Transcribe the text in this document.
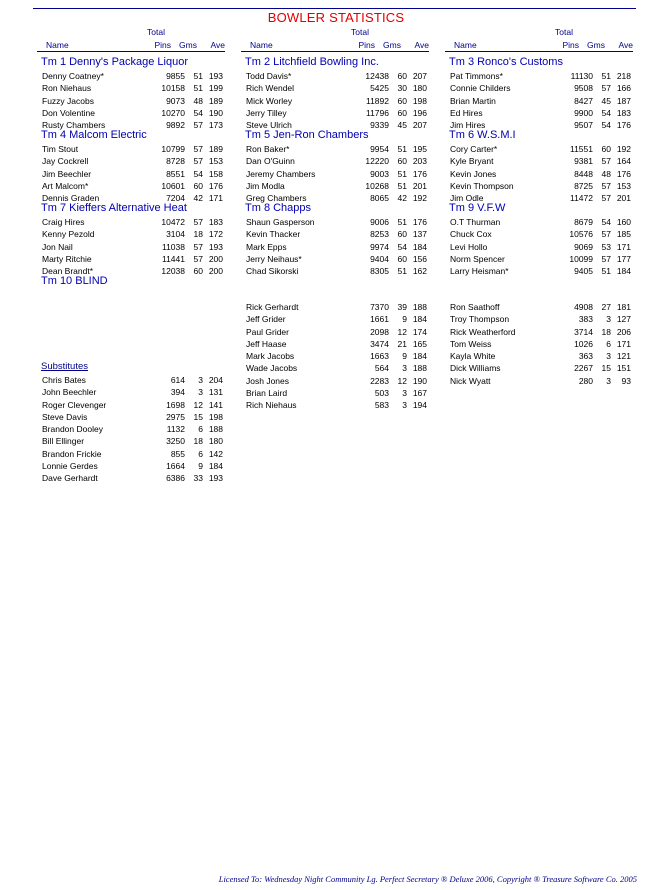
BOWLER STATISTICS
Total
Name	Pins Gms Ave
Tm 1 Denny's Package Liquor
Denny Coatney*	9855 51 193
Ron Niehaus	10158 51 199
Fuzzy Jacobs	9073 48 189
Don Volentine	10270 54 190
Rusty Chambers	9892 57 173
Tm 4 Malcom Electric
Tim Stout	10799 57 189
Jay Cockrell	8728 57 153
Jim Beechler	8551 54 158
Art Malcom*	10601 60 176
Dennis Graden	7204 42 171
Tm 7 Kieffers Alternative Heat
Craig Hires	10472 57 183
Kenny Pezold	3104 18 172
Jon Nail	11038 57 193
Marty Ritchie	11441 57 200
Dean Brandt*	12038 60 200
Tm 10 BLIND
Substitutes
Chris Bates	614 3 204
John Beechler	394 3 131
Roger Clevenger	1698 12 141
Steve Davis	2975 15 198
Brandon Dooley	1132 6 188
Bill Ellinger	3250 18 180
Brandon Frickie	855 6 142
Lonnie Gerdes	1664 9 184
Dave Gerhardt	6386 33 193
Total
Name	Pins Gms Ave
Tm 2 Litchfield Bowling Inc.
Todd Davis*	12438 60 207
Rich Wendel	5425 30 180
Mick Worley	11892 60 198
Jerry Tilley	11796 60 196
Steve Ulrich	9339 45 207
Tm 5 Jen-Ron Chambers
Ron Baker*	9954 51 195
Dan O'Guinn	12220 60 203
Jeremy Chambers	9003 51 176
Jim Modla	10268 51 201
Greg Chambers	8065 42 192
Tm 8 Chapps
Shaun Gasperson	9006 51 176
Kevin Thacker	8253 60 137
Mark Epps	9974 54 184
Jerry Neihaus*	9404 60 156
Chad Sikorski	8305 51 162
Rick Gerhardt	7370 39 188
Jeff Grider	1661 9 184
Paul Grider	2098 12 174
Jeff Haase	3474 21 165
Mark Jacobs	1663 9 184
Wade Jacobs	564 3 188
Josh Jones	2283 12 190
Brian Laird	503 3 167
Rich Niehaus	583 3 194
Total
Name	Pins Gms Ave
Tm 3 Ronco's Customs
Pat Timmons*	11130 51 218
Connie Childers	9508 57 166
Brian Martin	8427 45 187
Ed Hires	9900 54 183
Jim Hires	9507 54 176
Tm 6 W.S.M.I
Cory Carter*	11551 60 192
Kyle Bryant	9381 57 164
Kevin Jones	8448 48 176
Kevin Thompson	8725 57 153
Jim Odle	11472 57 201
Tm 9 V.F.W
O.T Thurman	8679 54 160
Chuck Cox	10576 57 185
Levi Hollo	9069 53 171
Norm Spencer	10099 57 177
Larry Heisman*	9405 51 184
Ron Saathoff	4908 27 181
Troy Thompson	383 3 127
Rick Weatherford	3714 18 206
Tom Weiss	1026 6 171
Kayla White	363 3 121
Dick Williams	2267 15 151
Nick Wyatt	280 3 93
Licensed To: Wednesday Night Community Lg. Perfect Secretary ® Deluxe 2006, Copyright ® Treasure Software Co. 2005
